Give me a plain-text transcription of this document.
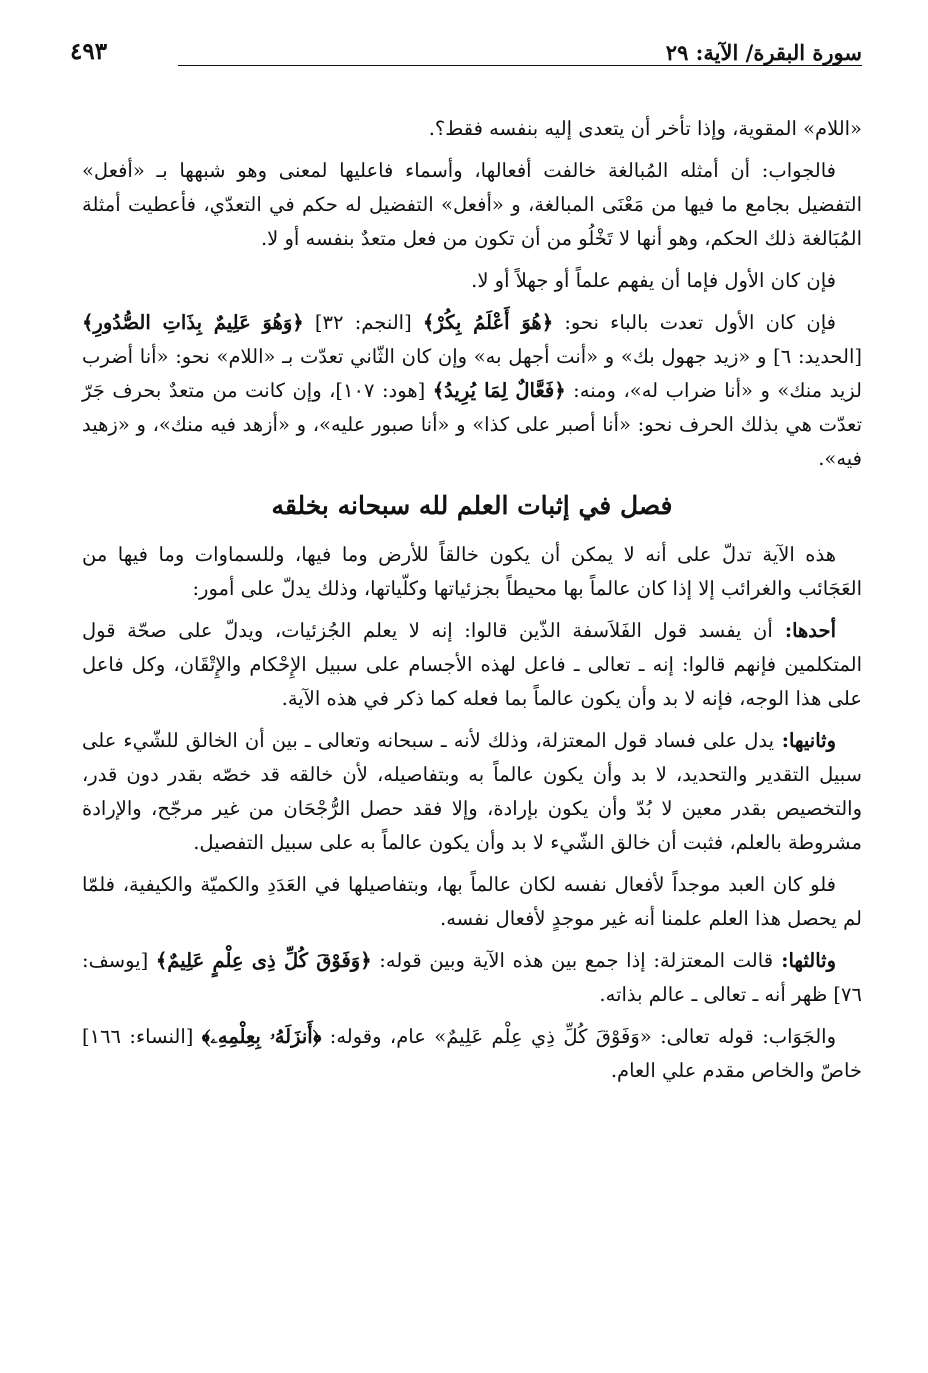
سورة البقرة/ الآية: ٢٩
٤٩٣

«اللام» المقوية، وإذا تأخر أن يتعدى إليه بنفسه فقط؟.

فالجواب: أن أمثله المُبالغة خالفت أفعالها، وأسماء فاعليها لمعنى وهو شبهها بـ «أفعل» التفضيل بجامع ما فيها من مَعْنَى المبالغة، و «أفعل» التفضيل له حكم في التعدّي، فأعطيت أمثلة المُبَالغة ذلك الحكم، وهو أنها لا تَخْلُو من أن تكون من فعل متعدٌ بنفسه أو لا.

فإن كان الأول فإما أن يفهم علماً أو جهلاً أو لا.

فإن كان الأول تعدت بالباء نحو: ﴿هُوَ أَعْلَمُ بِكُرْ﴾ [النجم: ٣٢] ﴿وَهُوَ عَلِيمٌ بِذَاتِ الصُّدُورِ﴾ [الحديد: ٦] و «زيد جهول بك» و «أنت أجهل به» وإن كان الثّاني تعدّت بـ «اللام» نحو: «أنا أضرب لزيد منك» و «أنا ضراب له»، ومنه: ﴿فَعَّالٌ لِمَا يُرِيدُ﴾ [هود: ١٠٧]، وإن كانت من متعدٌ بحرف جَرّ تعدّت هي بذلك الحرف نحو: «أنا أصبر على كذا» و «أنا صبور عليه»، و «أزهد فيه منك»، و «زهيد فيه».

فصل في إثبات العلم لله سبحانه بخلقه

هذه الآية تدلّ على أنه لا يمكن أن يكون خالقاً للأرض وما فيها، وللسماوات وما فيها من العَجَائب والغرائب إلا إذا كان عالماً بها محيطاً بجزئياتها وكلّياتها، وذلك يدلّ على أمور:

أحدها: أن يفسد قول الفَلاَسفة الذّين قالوا: إنه لا يعلم الجُزئيات، ويدلّ على صحّة قول المتكلمين فإنهم قالوا: إنه ـ تعالى ـ فاعل لهذه الأجسام على سبيل الإِحْكام والإِتْقَان، وكل فاعل على هذا الوجه، فإنه لا بد وأن يكون عالماً بما فعله كما ذكر في هذه الآية.

وثانيها: يدل على فساد قول المعتزلة، وذلك لأنه ـ سبحانه وتعالى ـ بين أن الخالق للشّيء على سبيل التقدير والتحديد، لا بد وأن يكون عالماً به وبتفاصيله، لأن خالقه قد خصّه بقدر دون قدر، والتخصيص بقدر معين لا بُدّ وأن يكون بإرادة، وإلا فقد حصل الرُّجْحَان من غير مرجّح، والإرادة مشروطة بالعلم، فثبت أن خالق الشّيء لا بد وأن يكون عالماً به على سبيل التفصيل.

فلو كان العبد موجداً لأفعال نفسه لكان عالماً بها، وبتفاصيلها في العَدَدِ والكميّة والكيفية، فلمّا لم يحصل هذا العلم علمنا أنه غير موجدٍ لأفعال نفسه.

وثالثها: قالت المعتزلة: إذا جمع بين هذه الآية وبين قوله: ﴿وَفَوْقَ كُلِّ ذِى عِلْمٍ عَلِيمٌ﴾ [يوسف: ٧٦] ظهر أنه ـ تعالى ـ عالم بذاته.

والجَوَاب: قوله تعالى: «وَفَوْقَ كُلِّ ذِي عِلْم عَلِيمٌ» عام، وقوله: ﴿أَنزَلَهُۥ بِعِلْمِهِۦ﴾ [النساء: ١٦٦] خاصّ والخاص مقدم علي العام.
